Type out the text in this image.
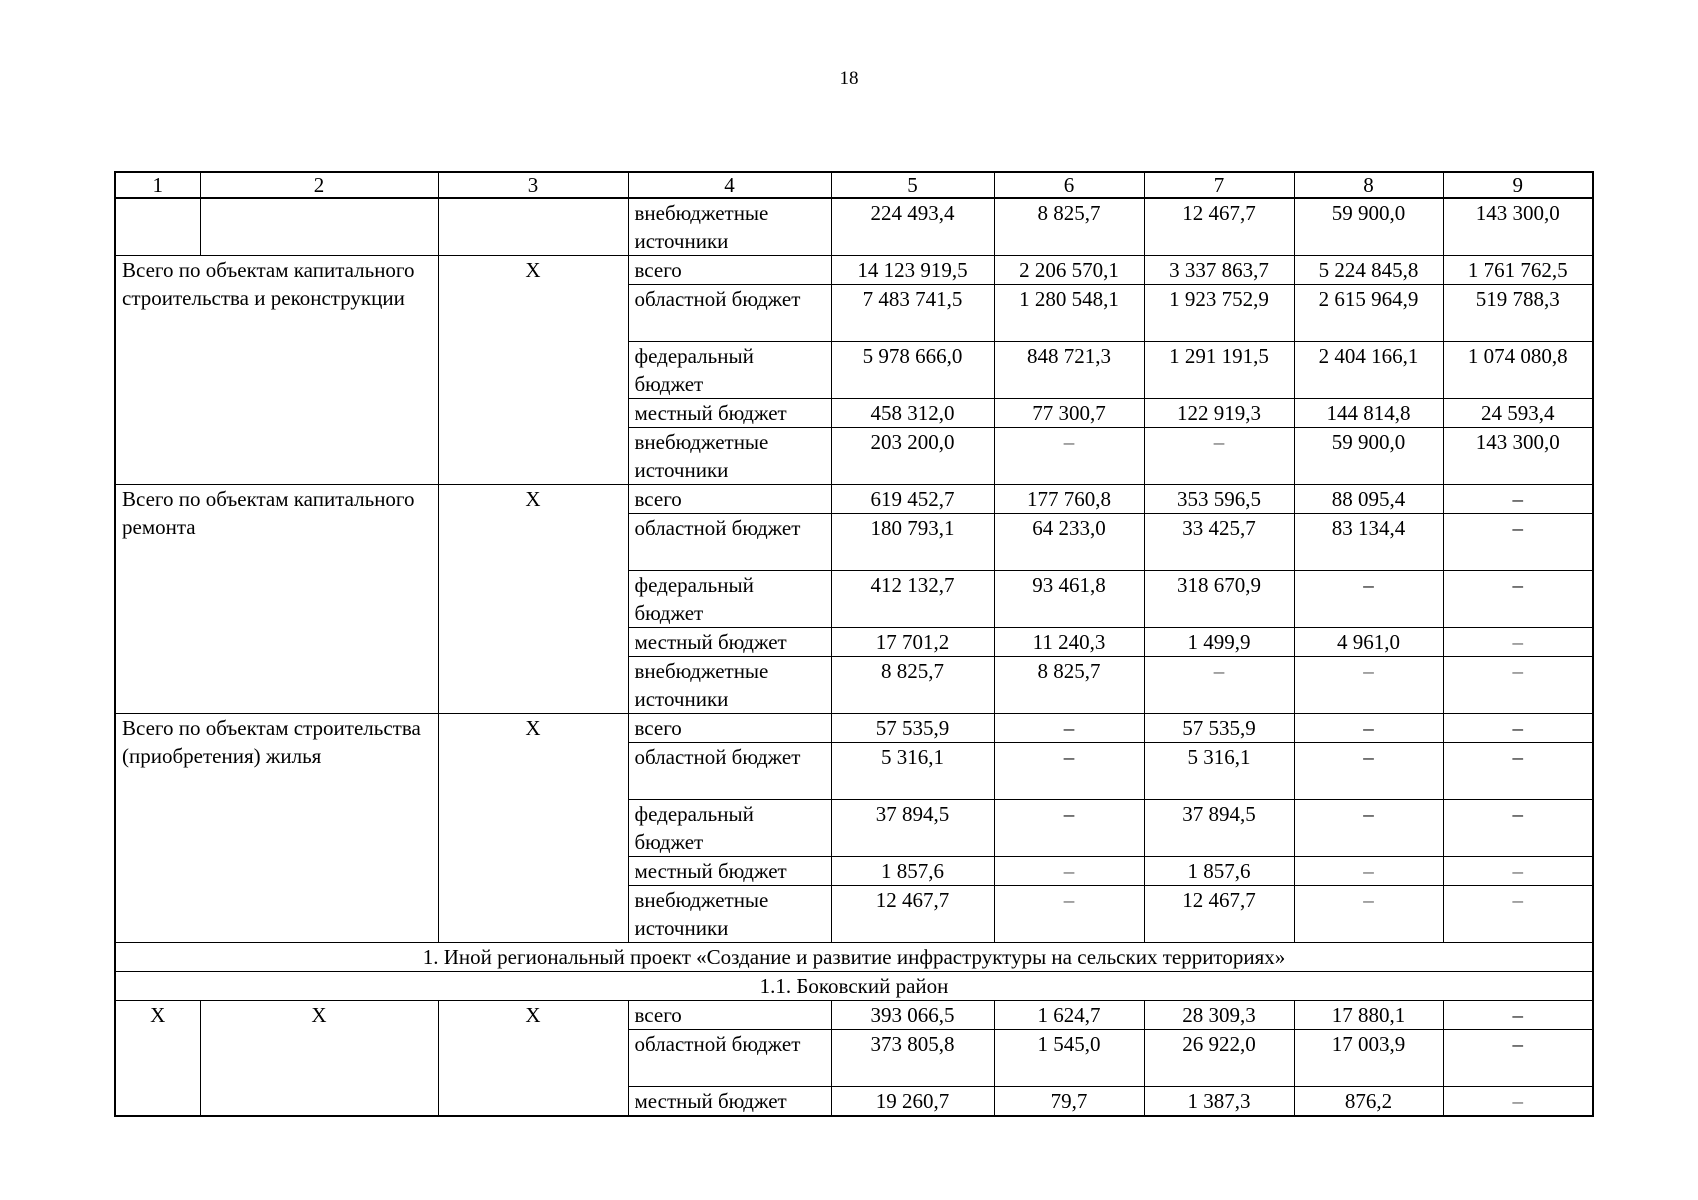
18
1	2	3	4	5	6	7	8	9
			внебюджетные источники	224 493,4	8 825,7	12 467,7	59 900,0	143 300,0
Всего по объектам капитального строительства и реконструкции		X	всего	14 123 919,5	2 206 570,1	3 337 863,7	5 224 845,8	1 761 762,5
			областной бюджет	7 483 741,5	1 280 548,1	1 923 752,9	2 615 964,9	519 788,3
			федеральный бюджет	5 978 666,0	848 721,3	1 291 191,5	2 404 166,1	1 074 080,8
			местный бюджет	458 312,0	77 300,7	122 919,3	144 814,8	24 593,4
			внебюджетные источники	203 200,0	–	–	59 900,0	143 300,0
Всего по объектам капитального ремонта		X	всего	619 452,7	177 760,8	353 596,5	88 095,4	–
			областной бюджет	180 793,1	64 233,0	33 425,7	83 134,4	–
			федеральный бюджет	412 132,7	93 461,8	318 670,9	–	–
			местный бюджет	17 701,2	11 240,3	1 499,9	4 961,0	–
			внебюджетные источники	8 825,7	8 825,7	–	–	–
Всего по объектам строительства (приобретения) жилья		X	всего	57 535,9	–	57 535,9	–	–
			областной бюджет	5 316,1	–	5 316,1	–	–
			федеральный бюджет	37 894,5	–	37 894,5	–	–
			местный бюджет	1 857,6	–	1 857,6	–	–
			внебюджетные источники	12 467,7	–	12 467,7	–	–
1. Иной региональный проект «Создание и развитие инфраструктуры на сельских территориях»								
1.1. Боковский район								
X	X	X	всего	393 066,5	1 624,7	28 309,3	17 880,1	–
			областной бюджет	373 805,8	1 545,0	26 922,0	17 003,9	–
			местный бюджет	19 260,7	79,7	1 387,3	876,2	–
